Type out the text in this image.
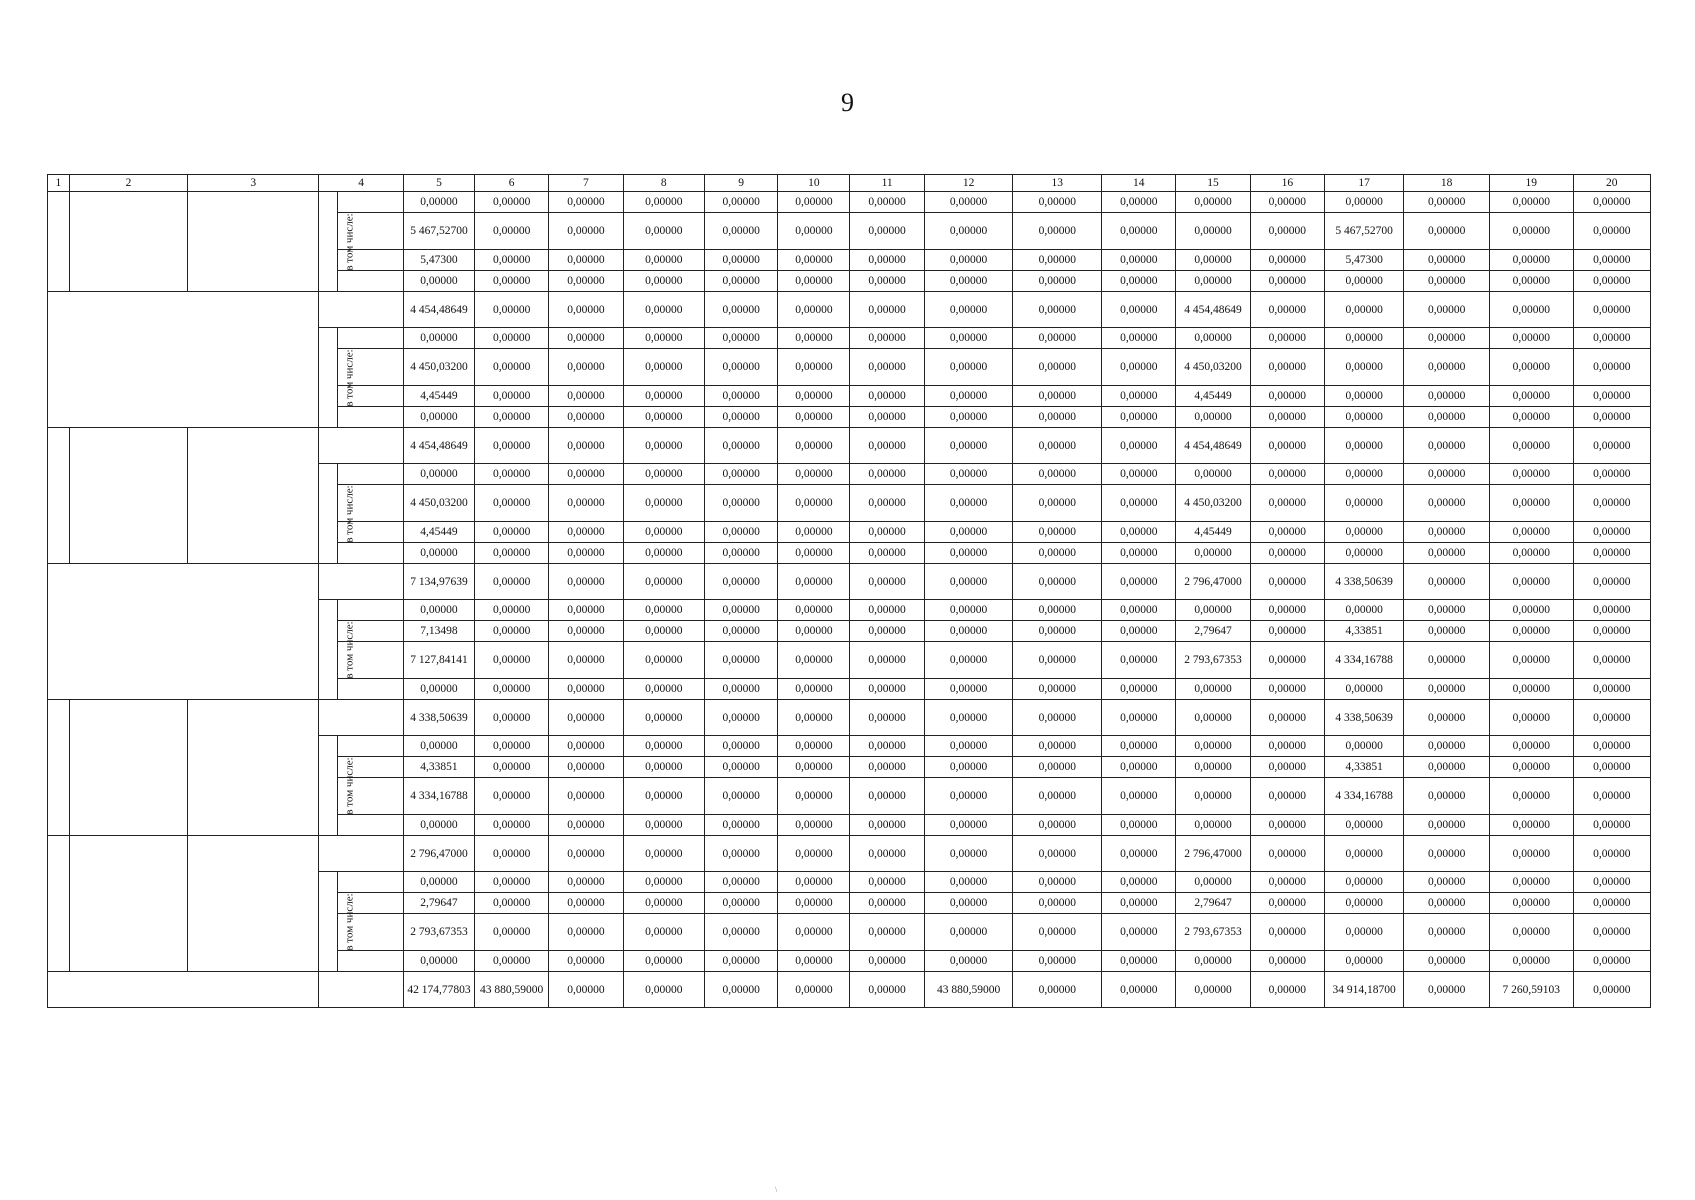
9
1	2	3	4		5	6	7	8	9	10	11	12	13	14	15	16	17	18	19	20
			в том числе:		0,00000	0,00000	0,00000	0,00000	0,00000	0,00000	0,00000	0,00000	0,00000	0,00000	0,00000	0,00000	0,00000	0,00000	0,00000	0,00000
					5 467,52700	0,00000	0,00000	0,00000	0,00000	0,00000	0,00000	0,00000	0,00000	0,00000	0,00000	0,00000	5 467,52700	0,00000	0,00000	0,00000
					5,47300	0,00000	0,00000	0,00000	0,00000	0,00000	0,00000	0,00000	0,00000	0,00000	0,00000	0,00000	5,47300	0,00000	0,00000	0,00000
					0,00000	0,00000	0,00000	0,00000	0,00000	0,00000	0,00000	0,00000	0,00000	0,00000	0,00000	0,00000	0,00000	0,00000	0,00000	0,00000
					4 454,48649	0,00000	0,00000	0,00000	0,00000	0,00000	0,00000	0,00000	0,00000	0,00000	4 454,48649	0,00000	0,00000	0,00000	0,00000	0,00000
			в том числе:		0,00000	0,00000	0,00000	0,00000	0,00000	0,00000	0,00000	0,00000	0,00000	0,00000	0,00000	0,00000	0,00000	0,00000	0,00000	0,00000
					4 450,03200	0,00000	0,00000	0,00000	0,00000	0,00000	0,00000	0,00000	0,00000	0,00000	4 450,03200	0,00000	0,00000	0,00000	0,00000	0,00000
					4,45449	0,00000	0,00000	0,00000	0,00000	0,00000	0,00000	0,00000	0,00000	0,00000	4,45449	0,00000	0,00000	0,00000	0,00000	0,00000
					0,00000	0,00000	0,00000	0,00000	0,00000	0,00000	0,00000	0,00000	0,00000	0,00000	0,00000	0,00000	0,00000	0,00000	0,00000	0,00000
					4 454,48649	0,00000	0,00000	0,00000	0,00000	0,00000	0,00000	0,00000	0,00000	0,00000	4 454,48649	0,00000	0,00000	0,00000	0,00000	0,00000
			в том числе:		0,00000	0,00000	0,00000	0,00000	0,00000	0,00000	0,00000	0,00000	0,00000	0,00000	0,00000	0,00000	0,00000	0,00000	0,00000	0,00000
					4 450,03200	0,00000	0,00000	0,00000	0,00000	0,00000	0,00000	0,00000	0,00000	0,00000	4 450,03200	0,00000	0,00000	0,00000	0,00000	0,00000
					4,45449	0,00000	0,00000	0,00000	0,00000	0,00000	0,00000	0,00000	0,00000	0,00000	4,45449	0,00000	0,00000	0,00000	0,00000	0,00000
					0,00000	0,00000	0,00000	0,00000	0,00000	0,00000	0,00000	0,00000	0,00000	0,00000	0,00000	0,00000	0,00000	0,00000	0,00000	0,00000
					7 134,97639	0,00000	0,00000	0,00000	0,00000	0,00000	0,00000	0,00000	0,00000	0,00000	2 796,47000	0,00000	4 338,50639	0,00000	0,00000	0,00000
			в том числе:		0,00000	0,00000	0,00000	0,00000	0,00000	0,00000	0,00000	0,00000	0,00000	0,00000	0,00000	0,00000	0,00000	0,00000	0,00000	0,00000
					7,13498	0,00000	0,00000	0,00000	0,00000	0,00000	0,00000	0,00000	0,00000	0,00000	2,79647	0,00000	4,33851	0,00000	0,00000	0,00000
					7 127,84141	0,00000	0,00000	0,00000	0,00000	0,00000	0,00000	0,00000	0,00000	0,00000	2 793,67353	0,00000	4 334,16788	0,00000	0,00000	0,00000
					0,00000	0,00000	0,00000	0,00000	0,00000	0,00000	0,00000	0,00000	0,00000	0,00000	0,00000	0,00000	0,00000	0,00000	0,00000	0,00000
					4 338,50639	0,00000	0,00000	0,00000	0,00000	0,00000	0,00000	0,00000	0,00000	0,00000	0,00000	0,00000	4 338,50639	0,00000	0,00000	0,00000
			в том числе:		0,00000	0,00000	0,00000	0,00000	0,00000	0,00000	0,00000	0,00000	0,00000	0,00000	0,00000	0,00000	0,00000	0,00000	0,00000	0,00000
					4,33851	0,00000	0,00000	0,00000	0,00000	0,00000	0,00000	0,00000	0,00000	0,00000	0,00000	0,00000	4,33851	0,00000	0,00000	0,00000
					4 334,16788	0,00000	0,00000	0,00000	0,00000	0,00000	0,00000	0,00000	0,00000	0,00000	0,00000	0,00000	4 334,16788	0,00000	0,00000	0,00000
					0,00000	0,00000	0,00000	0,00000	0,00000	0,00000	0,00000	0,00000	0,00000	0,00000	0,00000	0,00000	0,00000	0,00000	0,00000	0,00000
					2 796,47000	0,00000	0,00000	0,00000	0,00000	0,00000	0,00000	0,00000	0,00000	0,00000	2 796,47000	0,00000	0,00000	0,00000	0,00000	0,00000
			в том числе:		0,00000	0,00000	0,00000	0,00000	0,00000	0,00000	0,00000	0,00000	0,00000	0,00000	0,00000	0,00000	0,00000	0,00000	0,00000	0,00000
					2,79647	0,00000	0,00000	0,00000	0,00000	0,00000	0,00000	0,00000	0,00000	0,00000	2,79647	0,00000	0,00000	0,00000	0,00000	0,00000
					2 793,67353	0,00000	0,00000	0,00000	0,00000	0,00000	0,00000	0,00000	0,00000	0,00000	2 793,67353	0,00000	0,00000	0,00000	0,00000	0,00000
					0,00000	0,00000	0,00000	0,00000	0,00000	0,00000	0,00000	0,00000	0,00000	0,00000	0,00000	0,00000	0,00000	0,00000	0,00000	0,00000
					42 174,77803	43 880,59000	0,00000	0,00000	0,00000	0,00000	0,00000	43 880,59000	0,00000	0,00000	0,00000	0,00000	34 914,18700	0,00000	7 260,59103	0,00000
\
